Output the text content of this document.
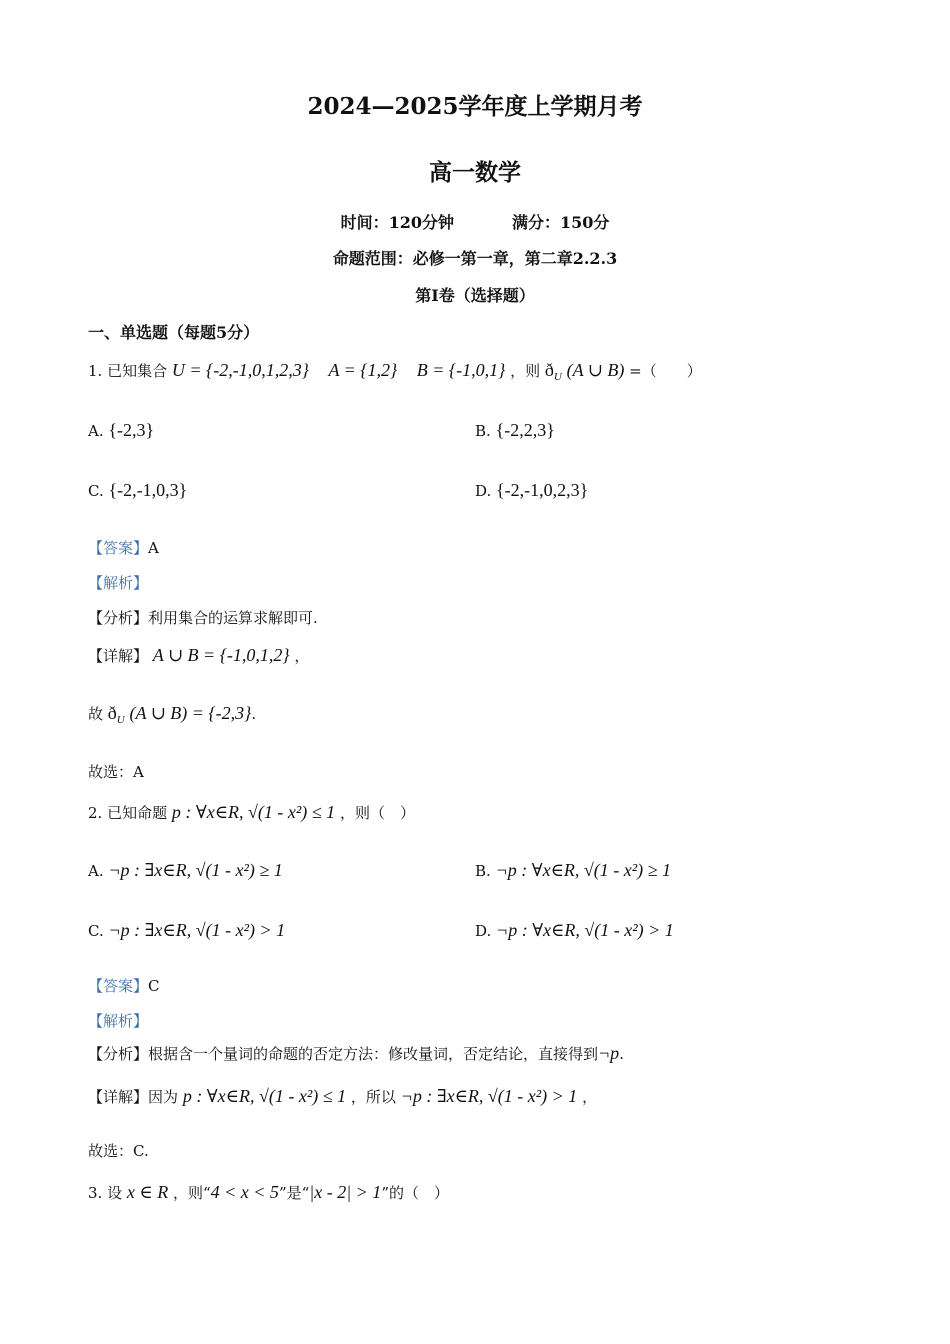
2024—2025学年度上学期月考
高一数学
时间：120分钟	满分：150分
命题范围：必修一第一章，第二章2.2.3
第Ⅰ卷（选择题）
一、单选题（每题5分）
1. 已知集合 U = {-2,-1,0,1,2,3} A = {1,2} B = {-1,0,1} ，则 $ð_U$ (A ∪ B) =（　　）
A. {-2,3}	B. {-2,2,3}
C. {-2,-1,0,3}	D. {-2,-1,0,2,3}
【答案】A
【解析】
【分析】利用集合的运算求解即可.
【详解】 A ∪ B = {-1,0,1,2} ，
故 $ð_U$ (A ∪ B) = {-2,3}.
故选：A
2. 已知命题 p : ∀x∈R, √(1 - x²) ≤ 1 ，则（　）
A. ¬p : ∃x∈R, √(1 - x²) ≥ 1	B. ¬p : ∀x∈R, √(1 - x²) ≥ 1
C. ¬p : ∃x∈R, √(1 - x²) > 1	D. ¬p : ∀x∈R, √(1 - x²) > 1
【答案】C
【解析】
【分析】根据含一个量词的命题的否定方法：修改量词，否定结论，直接得到¬p.
【详解】因为 p : ∀x∈R, √(1 - x²) ≤ 1 ，所以 ¬p : ∃x∈R, √(1 - x²) > 1 ，
故选：C.
3. 设 x ∈ R ，则“4 < x < 5”是“|x - 2| > 1”的（　）
